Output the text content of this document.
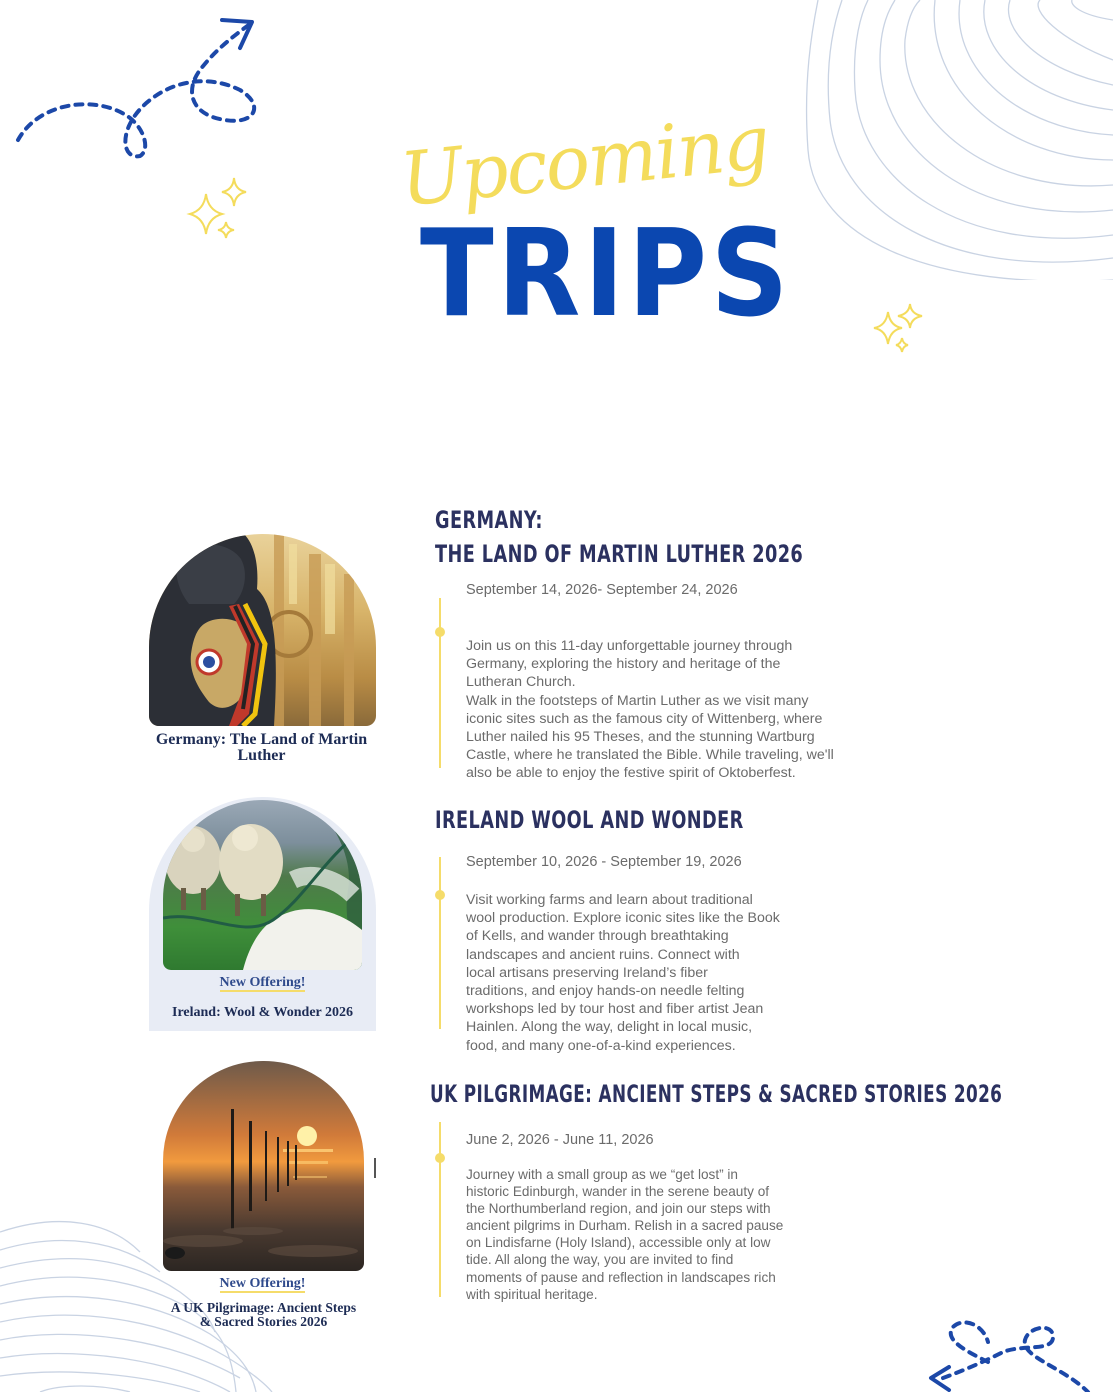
Upcoming
TRIPS
Germany: The Land of Martin Luther
GERMANY:
THE LAND OF MARTIN LUTHER 2026
September 14, 2026- September 24, 2026
Join us on this 11-day unforgettable journey through
Germany, exploring the history and heritage of the
Lutheran Church.
Walk in the footsteps of Martin Luther as we visit many
iconic sites such as the famous city of Wittenberg, where
Luther nailed his 95 Theses, and the stunning Wartburg
Castle, where he translated the Bible. While traveling, we'll
also be able to enjoy the festive spirit of Oktoberfest.
New Offering!
Ireland: Wool & Wonder 2026
IRELAND WOOL AND WONDER
September 10, 2026 - September 19, 2026
Visit working farms and learn about traditional
wool production. Explore iconic sites like the Book
of Kells, and wander through breathtaking
landscapes and ancient ruins. Connect with
local artisans preserving Ireland’s fiber
traditions, and enjoy hands-on needle felting
workshops led by tour host and fiber artist Jean
Hainlen. Along the way, delight in local music,
food, and many one-of-a-kind experiences.
New Offering!
A UK Pilgrimage: Ancient Steps
& Sacred Stories 2026
UK PILGRIMAGE: ANCIENT STEPS & SACRED STORIES 2026
June 2, 2026 - June 11, 2026
Journey with a small group as we “get lost” in
historic Edinburgh, wander in the serene beauty of
the Northumberland region, and join our steps with
ancient pilgrims in Durham. Relish in a sacred pause
on Lindisfarne (Holy Island), accessible only at low
tide. All along the way, you are invited to find
moments of pause and reflection in landscapes rich
with spiritual heritage.
